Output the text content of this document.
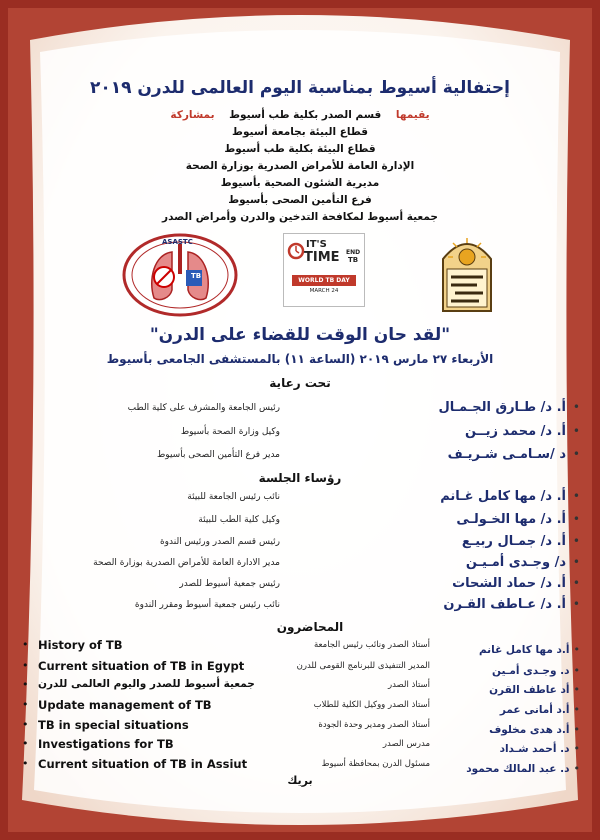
إحتفالية أسيوط بمناسبة اليوم العالمى للدرن ٢٠١٩
يقيمها    قسم الصدر بكلية طب أسيوط    بمشاركة
قطاع البيئة بجامعة أسيوط
قطاع البيئة بكلية طب أسيوط
الإدارة العامة للأمراض الصدرية بوزارة الصحة
مديرية الشئون الصحية بأسيوط
فرع التأمين الصحى بأسيوط
جمعية أسيوط لمكافحة التدخين والدرن وأمراض الصدر
ASASTC
TB
IT'S
TIME END
TB
WORLD TB DAY
MARCH 24
"لقد حان الوقت للقضاء على الدرن"
الأربعاء ٢٧ مارس ٢٠١٩ (الساعة ١١) بالمستشفى الجامعى بأسيوط
تحت رعاية
•
أ. د/ طـارق الجـمـال
رئيس الجامعة والمشرف على كلية الطب
•
أ. د/ محمد زيــن
وكيل وزارة الصحة بأسيوط
•
د /سـامـى شـريـف
مدير فرع التأمين الصحى بأسيوط
رؤساء الجلسة
•
أ. د/ مها كامل غـانم
نائب رئيس الجامعة للبيئة
•
أ. د/ مها الخـولـى
وكيل كلية الطب للبيئة
•
أ. د/ جمـال ربيـع
رئيس قسم الصدر ورئيس الندوة
•
د/ وجـدى أمـيـن
مدير الادارة العامة للأمراض الصدرية بوزارة الصحة
•
أ. د/ حماد الشحات
رئيس جمعية أسيوط للصدر
•
أ. د/ عـاطف القـرن
نائب رئيس جمعية أسيوط ومقرر الندوة
المحاضرون
•أ.د مها كامل غانم
أستاذ الصدر ونائب رئيس الجامعة
• History of TB
•د. وجـدى أمـين
المدير التنفيذى للبرنامج القومى للدرن
• Current situation of TB in Egypt
•أد عاطف القرن
أستاذ الصدر
• جمعية أسيوط للصدر واليوم العالمى للدرن
•أ.د أمانى عمر
أستاذ الصدر ووكيل الكلية للطلاب
• Update management of TB
•أ.د هدى مخلوف
أستاذ الصدر ومدير وحدة الجودة
• TB in special situations
•د. أحمد شـداد
مدرس الصدر
• Investigations for TB
•د. عبد المالك محمود
مسئول الدرن بمحافظة أسيوط
• Current situation of TB in Assiut
بريك
